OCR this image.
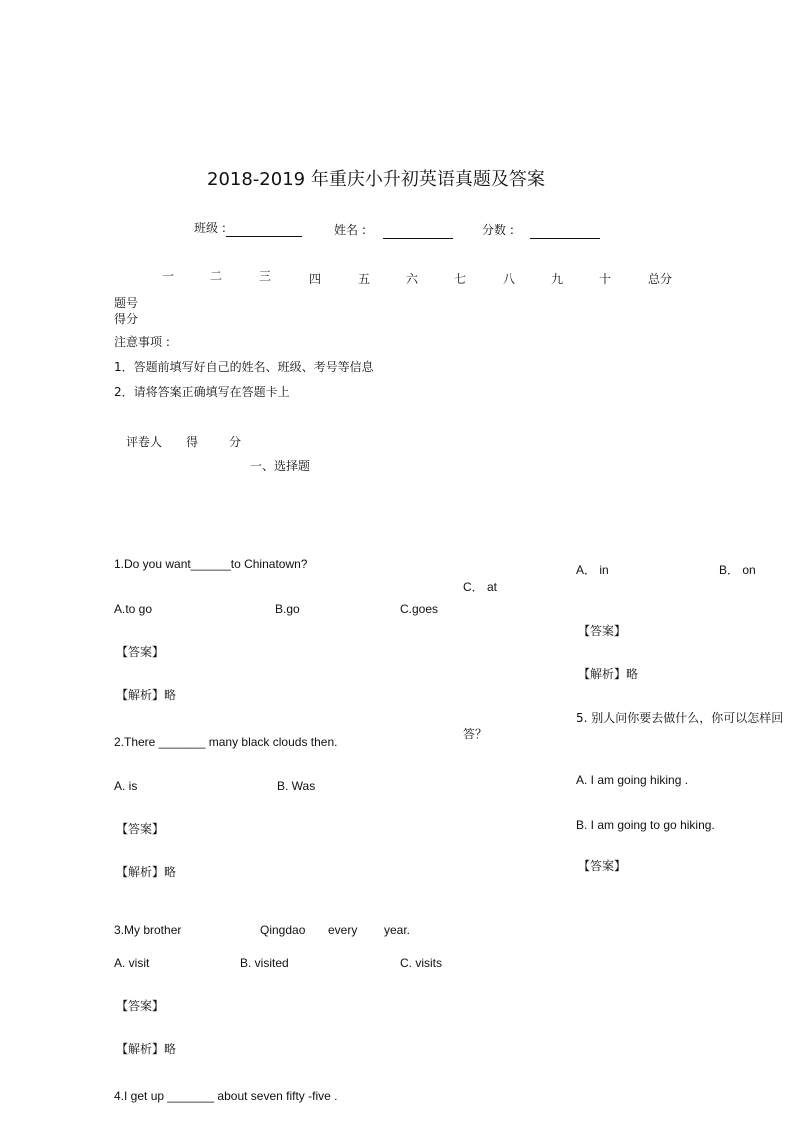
2018-2019 年重庆小升初英语真题及答案
班级 :	姓名 :	分数 :
一	二	三	四	五	六	七	八	九	十	总分
题号
得分
注意事项 :
1．答题前填写好自己的姓名、班级、考号等信息
2．请将答案正确填写在答题卡上
评卷人 得	分
一、选择题
1.Do you want______to Chinatown?
A.to go	B.go	C.goes
【答案】
【解析】略
2.There _______ many black clouds then.
A. is	B. Was
【答案】
【解析】略
3.My brother	Qingdao every year.
A. visit	B. visited	C. visits
【答案】
【解析】略
4.I get up _______ about seven fifty -five .
C． at
A． in	B． on
【答案】
【解析】略
5. 别人问你要去做什么，你可以怎样回
答？
A. I am going hiking .
B. I am going to go hiking.
【答案】
